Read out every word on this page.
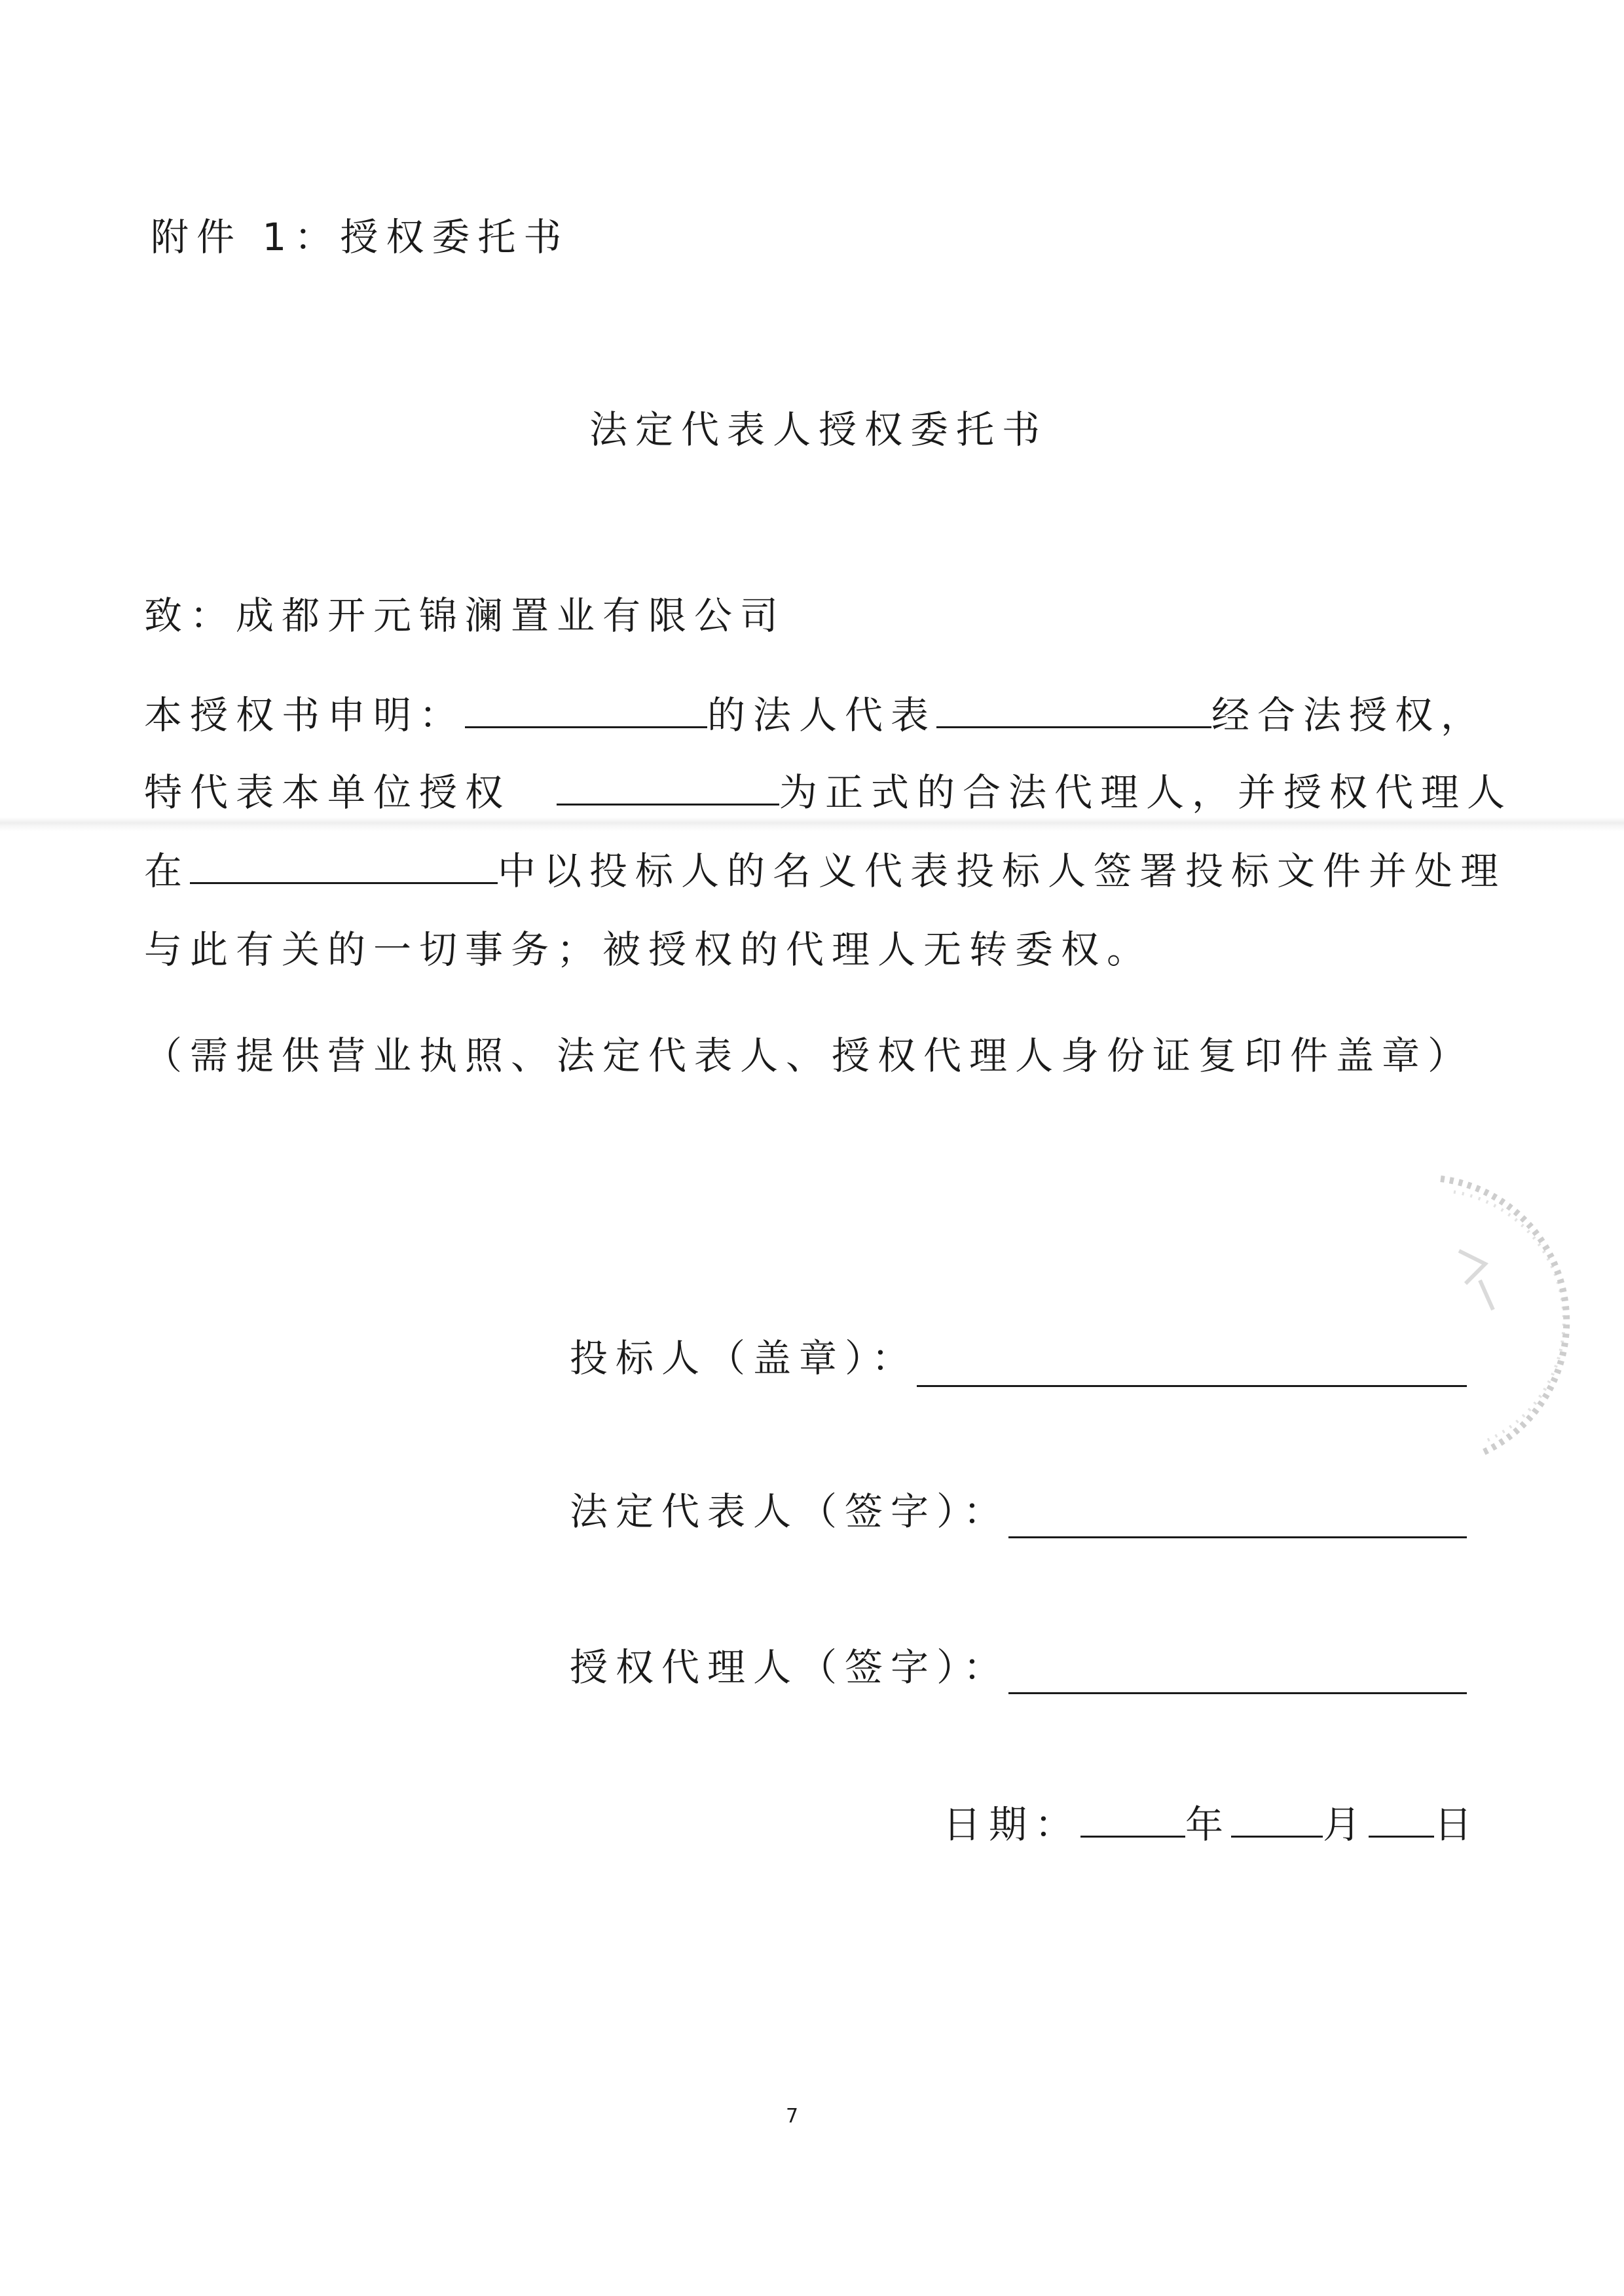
附件 1：授权委托书
法定代表人授权委托书
致：成都开元锦澜置业有限公司
本授权书申明：	的法人代表	经合法授权，
特代表本单位授权	为正式的合法代理人，并授权代理人
在	中以投标人的名义代表投标人签署投标文件并处理
与此有关的一切事务；被授权的代理人无转委权。
（需提供营业执照、法定代表人、授权代理人身份证复印件盖章）
投标人（盖章）：
法定代表人（签字）：
授权代理人（签字）：
日期：	年 月 日
7
